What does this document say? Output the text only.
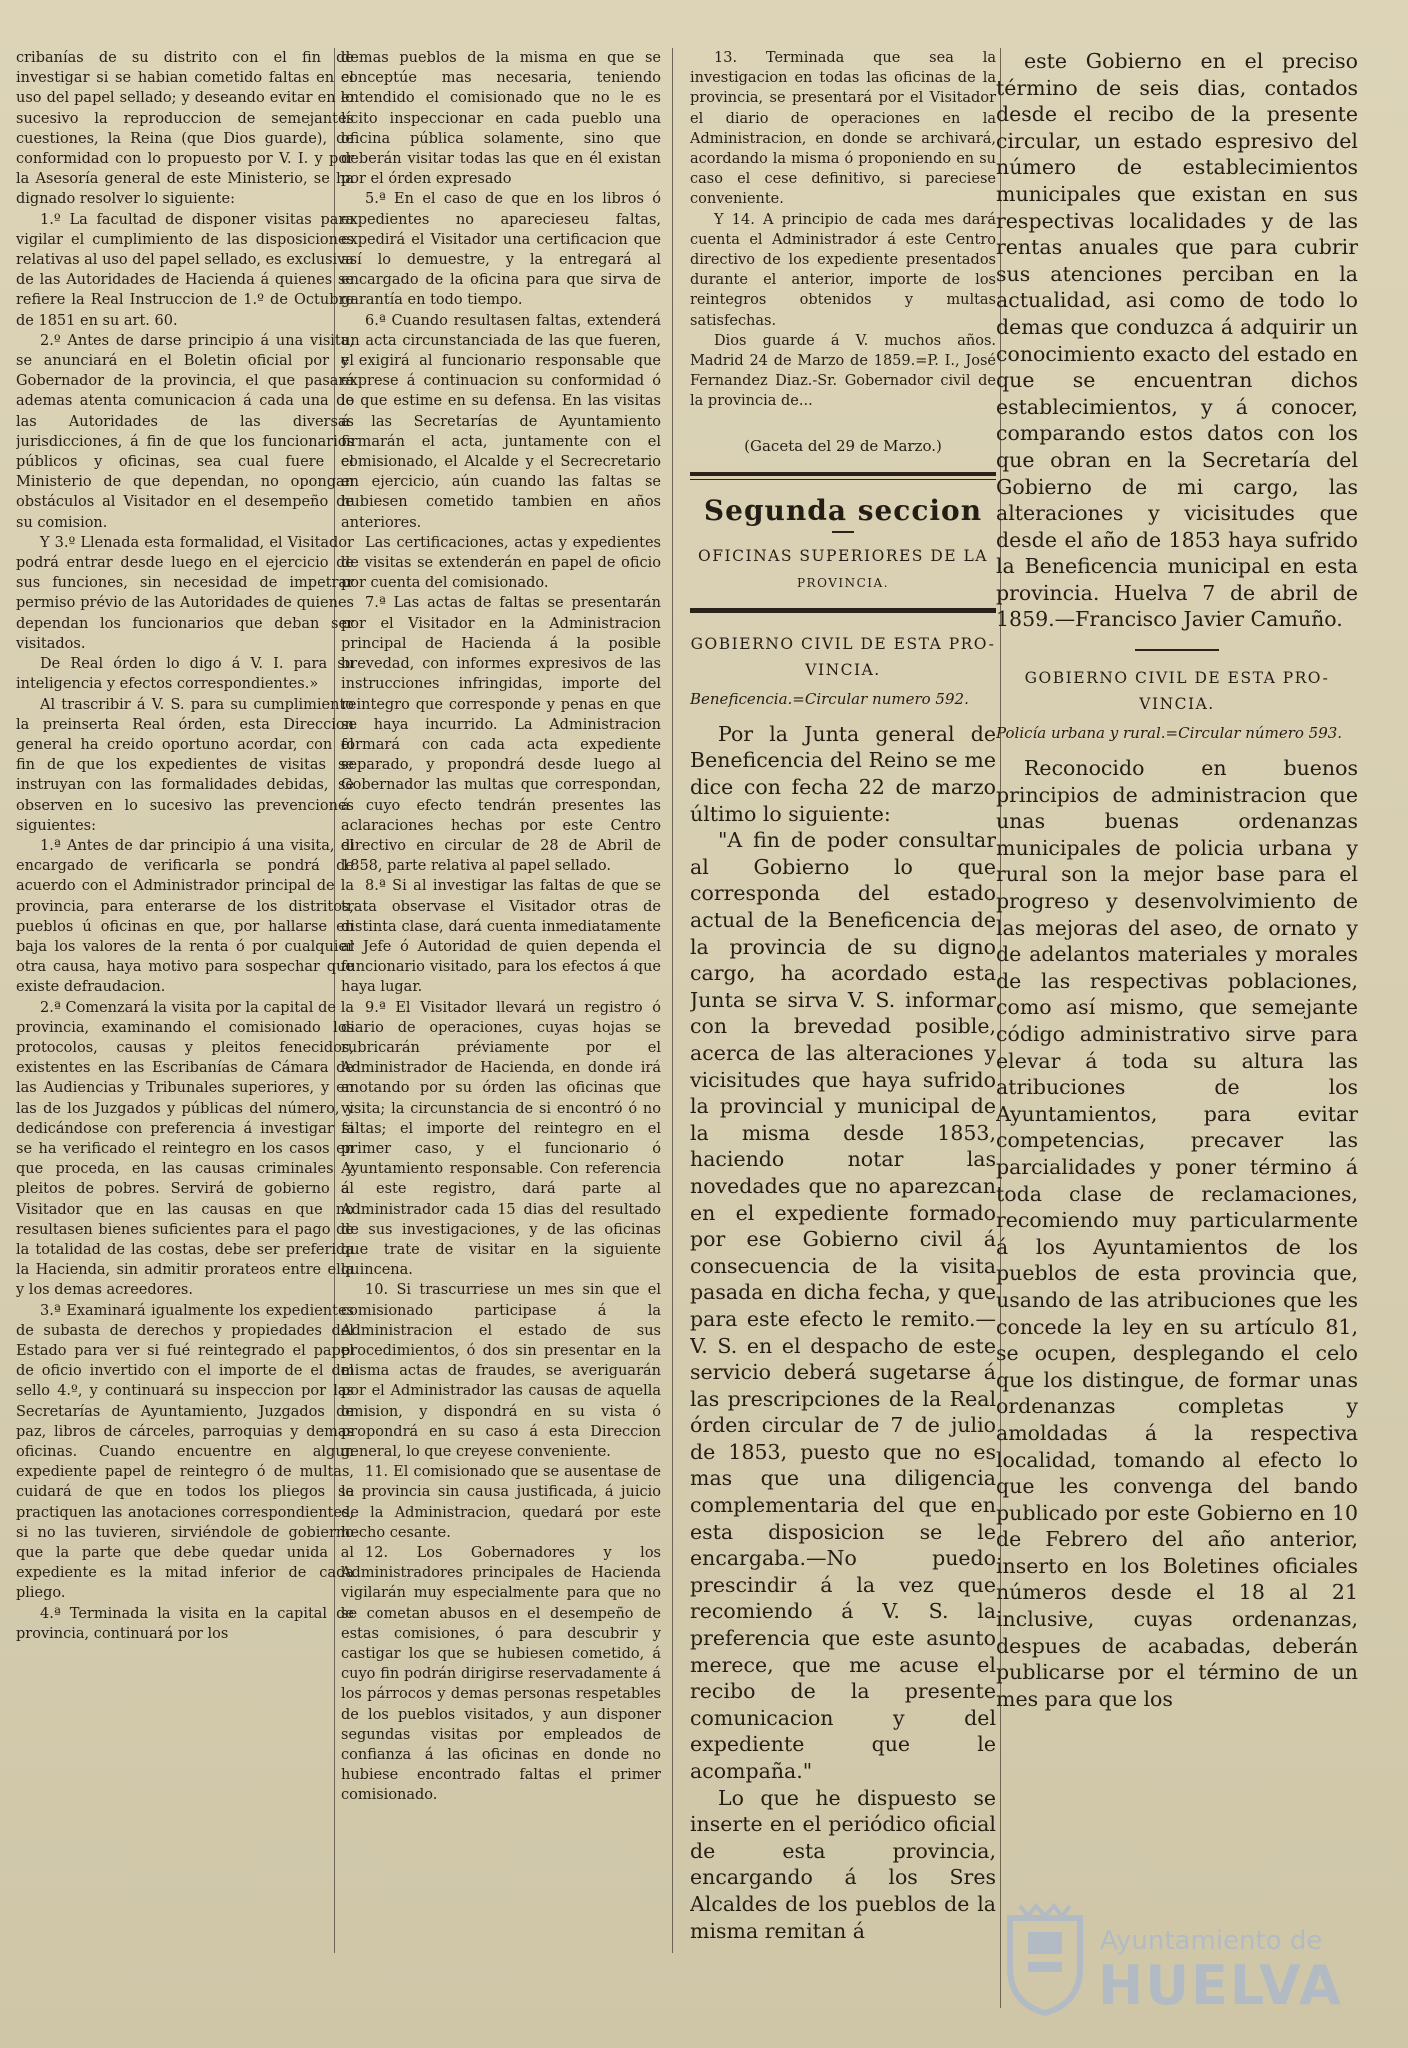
cribanías de su distrito con el fin de investigar si se habian cometido faltas en el uso del papel sellado; y deseando evitar en lo sucesivo la reproduccion de semejantes cuestiones, la Reina (que Dios guarde), de conformidad con lo propuesto por V. I. y por la Asesoría general de este Ministerio, se ha dignado resolver lo siguiente:

1.º La facultad de disponer visitas para vigilar el cumplimiento de las disposiciones relativas al uso del papel sellado, es exclusiva de las Autoridades de Hacienda á quienes se refiere la Real Instruccion de 1.º de Octubre de 1851 en su art. 60.

2.º Antes de darse principio á una visita, se anunciará en el Boletin oficial por el Gobernador de la provincia, el que pasará ademas atenta comunicacion á cada una de las Autoridades de las diversas jurisdicciones, á fin de que los funcionarios públicos y oficinas, sea cual fuere el Ministerio de que dependan, no opongan obstáculos al Visitador en el desempeño de su comision.

Y 3.º Llenada esta formalidad, el Visitador podrá entrar desde luego en el ejercicio de sus funciones, sin necesidad de impetrar permiso prévio de las Autoridades de quienes dependan los funcionarios que deban ser visitados.

De Real órden lo digo á V. I. para su inteligencia y efectos correspondientes.»

Al trascribir á V. S. para su cumplimiento la preinserta Real órden, esta Direccion general ha creido oportuno acordar, con el fin de que los expedientes de visitas se instruyan con las formalidades debidas, se observen en lo sucesivo las prevenciones siguientes:

1.ª Antes de dar principio á una visita, el encargado de verificarla se pondrá de acuerdo con el Administrador principal de la provincia, para enterarse de los distritos, pueblos ú oficinas en que, por hallarse en baja los valores de la renta ó por cualquier otra causa, haya motivo para sospechar que existe defraudacion.

2.ª Comenzará la visita por la capital de la provincia, examinando el comisionado los protocolos, causas y pleitos fenecidos, existentes en las Escribanías de Cámara de las Audiencias y Tribunales superiores, y en las de los Juzgados y públicas del número, y dedicándose con preferencia á investigar si se ha verificado el reintegro en los casos en que proceda, en las causas criminales y pleitos de pobres. Servirá de gobierno al Visitador que en las causas en que no resultasen bienes suficientes para el pago de la totalidad de las costas, debe ser preferida la Hacienda, sin admitir prorateos entre ella y los demas acreedores.

3.ª Examinará igualmente los expedientes de subasta de derechos y propiedades del Estado para ver si fué reintegrado el papel de oficio invertido con el importe de el del sello 4.º, y continuará su inspeccion por las Secretarías de Ayuntamiento, Juzgados de paz, libros de cárceles, parroquias y demas oficinas. Cuando encuentre en algun expediente papel de reintegro ó de multas, cuidará de que en todos los pliegos se practiquen las anotaciones correspondientes, si no las tuvieren, sirviéndole de gobierno que la parte que debe quedar unida al expediente es la mitad inferior de cada pliego.

4.ª Terminada la visita en la capital de provincia, continuará por los

demas pueblos de la misma en que se conceptúe mas necesaria, teniendo entendido el comisionado que no le es lícito inspeccionar en cada pueblo una oficina pública solamente, sino que deberán visitar todas las que en él existan por el órden expresado

5.ª En el caso de que en los libros ó expedientes no aparecieseu faltas, expedirá el Visitador una certificacion que así lo demuestre, y la entregará al encargado de la oficina para que sirva de garantía en todo tiempo.

6.ª Cuando resultasen faltas, extenderá un acta circunstanciada de las que fueren, y exigirá al funcionario responsable que exprese á continuacion su conformidad ó lo que estime en su defensa. En las visitas á las Secretarías de Ayuntamiento firmarán el acta, juntamente con el comisionado, el Alcalde y el Secrecretario en ejercicio, aún cuando las faltas se hubiesen cometido tambien en años anteriores.

Las certificaciones, actas y expedientes de visitas se extenderán en papel de oficio por cuenta del comisionado.

7.ª Las actas de faltas se presentarán por el Visitador en la Administracion principal de Hacienda á la posible brevedad, con informes expresivos de las instrucciones infringidas, importe del reintegro que corresponde y penas en que se haya incurrido. La Administracion formará con cada acta expediente separado, y propondrá desde luego al Gobernador las multas que correspondan, á cuyo efecto tendrán presentes las aclaraciones hechas por este Centro directivo en circular de 28 de Abril de 1858, parte relativa al papel sellado.

8.ª Si al investigar las faltas de que se trata observase el Visitador otras de distinta clase, dará cuenta inmediatamente al Jefe ó Autoridad de quien dependa el funcionario visitado, para los efectos á que haya lugar.

9.ª El Visitador llevará un registro ó diario de operaciones, cuyas hojas se rubricarán préviamente por el Administrador de Hacienda, en donde irá anotando por su órden las oficinas que visita; la circunstancia de si encontró ó no faltas; el importe del reintegro en el primer caso, y el funcionario ó Ayuntamiento responsable. Con referencia á este registro, dará parte al Administrador cada 15 dias del resultado de sus investigaciones, y de las oficinas que trate de visitar en la siguiente quincena.

10. Si trascurriese un mes sin que el comisionado participase á la Administracion el estado de sus procedimientos, ó dos sin presentar en la misma actas de fraudes, se averiguarán por el Administrador las causas de aquella omision, y dispondrá en su vista ó propondrá en su caso á esta Direccion general, lo que creyese conveniente.

11. El comisionado que se ausentase de la provincia sin causa justificada, á juicio de la Administracion, quedará por este hecho cesante.

12. Los Gobernadores y los Administradores principales de Hacienda vigilarán muy especialmente para que no se cometan abusos en el desempeño de estas comisiones, ó para descubrir y castigar los que se hubiesen cometido, á cuyo fin podrán dirigirse reservadamente á los párrocos y demas personas respetables de los pueblos visitados, y aun disponer segundas visitas por empleados de confianza á las oficinas en donde no hubiese encontrado faltas el primer comisionado.

13. Terminada que sea la investigacion en todas las oficinas de la provincia, se presentará por el Visitador el diario de operaciones en la Administracion, en donde se archivará, acordando la misma ó proponiendo en su caso el cese definitivo, si pareciese conveniente.

Y 14. A principio de cada mes dará cuenta el Administrador á este Centro directivo de los expediente presentados durante el anterior, importe de los reintegros obtenidos y multas satisfechas.

Dios guarde á V. muchos años. Madrid 24 de Marzo de 1859.=P. I., José Fernandez Diaz.-Sr. Gobernador civil de la provincia de...

(Gaceta del 29 de Marzo.)

Segunda seccion
OFICINAS SUPERIORES DE LA
PROVINCIA.
GOBIERNO CIVIL DE ESTA PRO-
VINCIA.

Beneficencia.=Circular numero 592.

Por la Junta general de Beneficencia del Reino se me dice con fecha 22 de marzo último lo siguiente:

"A fin de poder consultar al Gobierno lo que corresponda del estado actual de la Beneficencia de la provincia de su digno cargo, ha acordado esta Junta se sirva V. S. informar con la brevedad posible, acerca de las alteraciones y vicisitudes que haya sufrido la provincial y municipal de la misma desde 1853, haciendo notar las novedades que no aparezcan en el expediente formado por ese Gobierno civil á consecuencia de la visita pasada en dicha fecha, y que para este efecto le remito.—V. S. en el despacho de este servicio deberá sugetarse á las prescripciones de la Real órden circular de 7 de julio de 1853, puesto que no es mas que una diligencia complementaria del que en esta disposicion se le encargaba.—No puedo prescindir á la vez que recomiendo á V. S. la preferencia que este asunto merece, que me acuse el recibo de la presente comunicacion y del expediente que le acompaña."

Lo que he dispuesto se inserte en el periódico oficial de esta provincia, encargando á los Sres Alcaldes de los pueblos de la misma remitan á

este Gobierno en el preciso término de seis dias, contados desde el recibo de la presente circular, un estado espresivo del número de establecimientos municipales que existan en sus respectivas localidades y de las rentas anuales que para cubrir sus atenciones perciban en la actualidad, asi como de todo lo demas que conduzca á adquirir un conocimiento exacto del estado en que se encuentran dichos establecimientos, y á conocer, comparando estos datos con los que obran en la Secretaría del Gobierno de mi cargo, las alteraciones y vicisitudes que desde el año de 1853 haya sufrido la Beneficencia municipal en esta provincia. Huelva 7 de abril de 1859.—Francisco Javier Camuño.

GOBIERNO CIVIL DE ESTA PRO-
VINCIA.

Policía urbana y rural.=Circular número 593.

Reconocido en buenos principios de administracion que unas buenas ordenanzas municipales de policia urbana y rural son la mejor base para el progreso y desenvolvimiento de las mejoras del aseo, de ornato y de adelantos materiales y morales de las respectivas poblaciones, como así mismo, que semejante código administrativo sirve para elevar á toda su altura las atribuciones de los Ayuntamientos, para evitar competencias, precaver las parcialidades y poner término á toda clase de reclamaciones, recomiendo muy particularmente á los Ayuntamientos de los pueblos de esta provincia que, usando de las atribuciones que les concede la ley en su artículo 81, se ocupen, desplegando el celo que los distingue, de formar unas ordenanzas completas y amoldadas á la respectiva localidad, tomando al efecto lo que les convenga del bando publicado por este Gobierno en 10 de Febrero del año anterior, inserto en los Boletines oficiales números desde el 18 al 21 inclusive, cuyas ordenanzas, despues de acabadas, deberán publicarse por el término de un mes para que los

Ayuntamiento de
HUELVA
